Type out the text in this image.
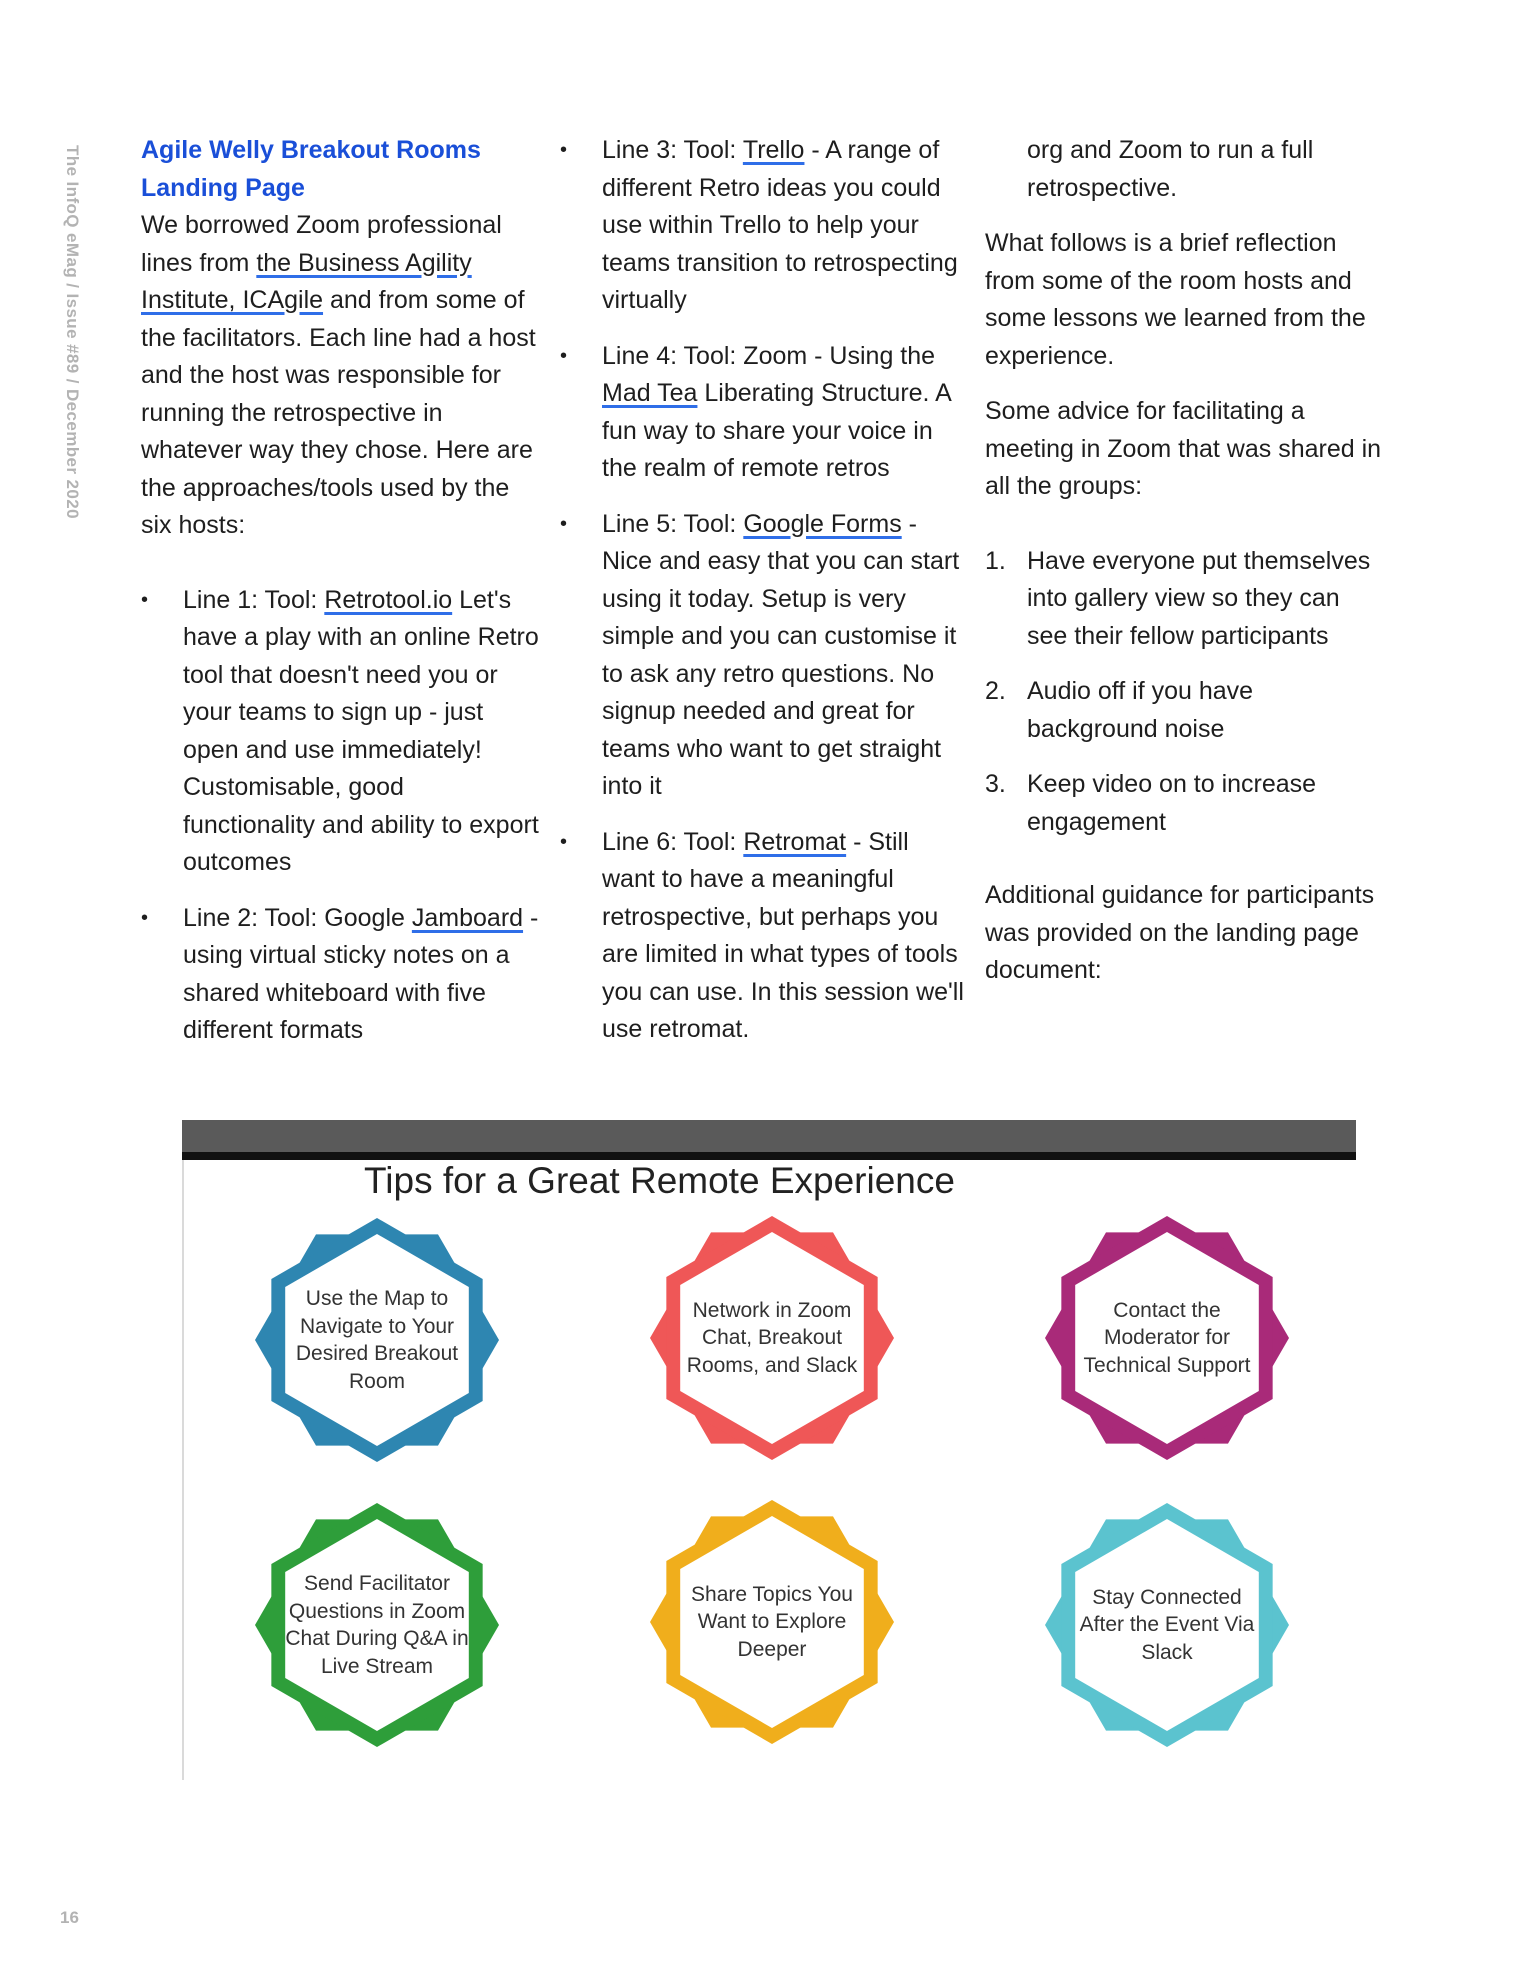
The InfoQ eMag / Issue #89 / December 2020
16

Agile Welly Breakout Rooms
Landing Page

We borrowed Zoom professional lines from the Business Agility Institute, ICAgile and from some of the facilitators. Each line had a host and the host was responsible for running the retrospective in whatever way they chose. Here are the approaches/tools used by the six hosts:

• Line 1: Tool: Retrotool.io Let's have a play with an online Retro tool that doesn't need you or your teams to sign up - just open and use immediately! Customisable, good functionality and ability to export outcomes
• Line 2: Tool: Google Jamboard - using virtual sticky notes on a shared whiteboard with five different formats
• Line 3: Tool: Trello - A range of different Retro ideas you could use within Trello to help your teams transition to retrospecting virtually
• Line 4: Tool: Zoom - Using the Mad Tea Liberating Structure. A fun way to share your voice in the realm of remote retros
• Line 5: Tool: Google Forms - Nice and easy that you can start using it today. Setup is very simple and you can customise it to ask any retro questions. No signup needed and great for teams who want to get straight into it
• Line 6: Tool: Retromat - Still want to have a meaningful retrospective, but perhaps you are limited in what types of tools you can use. In this session we'll use retromat.

org and Zoom to run a full retrospective.

What follows is a brief reflection from some of the room hosts and some lessons we learned from the experience.

Some advice for facilitating a meeting in Zoom that was shared in all the groups:

1. Have everyone put themselves into gallery view so they can see their fellow participants
2. Audio off if you have background noise
3. Keep video on to increase engagement

Additional guidance for participants was provided on the landing page document:

Tips for a Great Remote Experience
Use the Map to Navigate to Your Desired Breakout Room
Network in Zoom Chat, Breakout Rooms, and Slack
Contact the Moderator for Technical Support
Send Facilitator Questions in Zoom Chat During Q&A in Live Stream
Share Topics You Want to Explore Deeper
Stay Connected After the Event Via Slack
